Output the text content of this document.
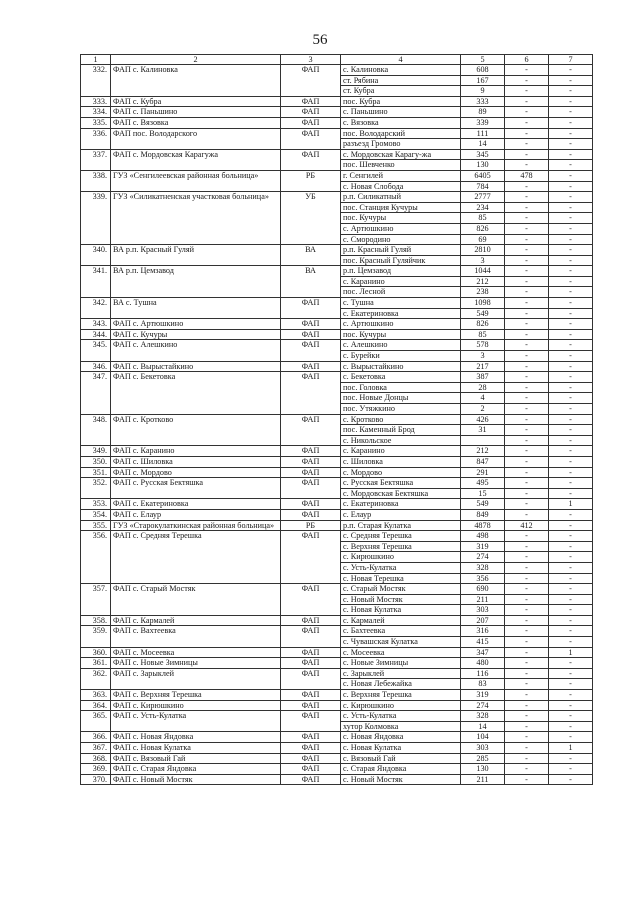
56
1	2	3	4	5	6	7
332.	ФАП с. Калиновка	ФАП	с. Калиновка	608	-	-
			ст. Рябина	167	-	-
			ст. Кубра	9	-	-
333.	ФАП с. Кубра	ФАП	пос. Кубра	333	-	-
334.	ФАП с. Паньшино	ФАП	с. Паньшино	89	-	-
335.	ФАП с. Вязовка	ФАП	с. Вязовка	339	-	-
336.	ФАП пос. Володарского	ФАП	пос. Володарский	111	-	-
			разъезд Громово	14	-	-
337.	ФАП с. Мордовская Карагужа	ФАП	с. Мордовская Карагу-жа	345	-	-
			пос. Шевченко	130	-	-
338.	ГУЗ «Сенгилеевская районная больница»	РБ	г. Сенгилей	6405	478	-
			с. Новая Слобода	784	-	-
339.	ГУЗ «Силикатненская участковая больница»	УБ	р.п. Силикатный	2777	-	-
			пос. Станция Кучуры	234	-	-
			пос. Кучуры	85	-	-
			с. Артюшкино	826	-	-
			с. Смородино	69	-	-
340.	ВА р.п. Красный Гуляй	ВА	р.п. Красный Гуляй	2810	-	-
			пос. Красный Гуляйчик	3	-	-
341.	ВА р.п. Цемзавод	ВА	р.п. Цемзавод	1044	-	-
			с. Каранино	212	-	-
			пос. Лесной	238	-	-
342.	ВА с. Тушна	ФАП	с. Тушна	1098	-	-
			с. Екатериновка	549	-	-
343.	ФАП с. Артюшкино	ФАП	с. Артюшкино	826	-	-
344.	ФАП с. Кучуры	ФАП	пос. Кучуры	85	-	-
345.	ФАП с. Алешкино	ФАП	с. Алешкино	578	-	-
			с. Бурейки	3	-	-
346.	ФАП с. Вырыстайкино	ФАП	с. Вырыстайкино	217	-	-
347.	ФАП с. Бекетовка	ФАП	с. Бекетовка	387	-	-
			пос. Головка	28	-	-
			пос. Новые Донцы	4	-	-
			пос. Утяжкино	2	-	-
348.	ФАП с. Кротково	ФАП	с. Кротково	426	-	-
			пос. Каменный Брод	31	-	-
			с. Никольское		-	-
349.	ФАП с. Каранино	ФАП	с. Каранино	212	-	-
350.	ФАП с. Шиловка	ФАП	с. Шиловка	847	-	-
351.	ФАП с. Мордово	ФАП	с. Мордово	291	-	-
352.	ФАП с. Русская Бектяшка	ФАП	с. Русская Бектяшка	495	-	-
			с. Мордовская Бектяшка	15	-	-
353.	ФАП с. Екатериновка	ФАП	с. Екатериновка	549	-	1
354.	ФАП с. Елаур	ФАП	с. Елаур	849	-	-
355.	ГУЗ «Старокулаткинская районная больница»	РБ	р.п. Старая Кулатка	4878	412	-
356.	ФАП с. Средняя Терешка	ФАП	с. Средняя Терешка	498	-	-
			с. Верхняя Терешка	319	-	-
			с. Кирюшкино	274	-	-
			с. Усть-Кулатка	328	-	-
			с. Новая Терешка	356	-	-
357.	ФАП с. Старый Мостяк	ФАП	с. Старый Мостяк	690	-	-
			с. Новый Мостяк	211	-	-
			с. Новая Кулатка	303	-	-
358.	ФАП с. Кармалей	ФАП	с. Кармалей	207	-	-
359.	ФАП с. Вахтеевка	ФАП	с. Бахтеевка	316	-	-
			с. Чувашская Кулатка	415	-	-
360.	ФАП с. Мосеевка	ФАП	с. Мосеевка	347	-	1
361.	ФАП с. Новые Зимницы	ФАП	с. Новые Зимницы	480	-	-
362.	ФАП с. Зарыклей	ФАП	с. Зарыклей	116	-	-
			с. Новая Лебежайка	83	-	-
363.	ФАП с. Верхняя Терешка	ФАП	с. Верхняя Терешка	319	-	-
364.	ФАП с. Кирюшкино	ФАП	с. Кирюшкино	274	-	-
365.	ФАП с. Усть-Кулатка	ФАП	с. Усть-Кулатка	328	-	-
			хутор Колмовка	14	-	-
366.	ФАП с. Новая Яндовка	ФАП	с. Новая Яндовка	104	-	-
367.	ФАП с. Новая Кулатка	ФАП	с. Новая Кулатка	303	-	1
368.	ФАП с. Вязовый Гай	ФАП	с. Вязовый Гай	285	-	-
369.	ФАП с. Старая Яндовка	ФАП	с. Старая Яндовка	130	-	-
370.	ФАП с. Новый Мостяк	ФАП	с. Новый Мостяк	211	-	-
